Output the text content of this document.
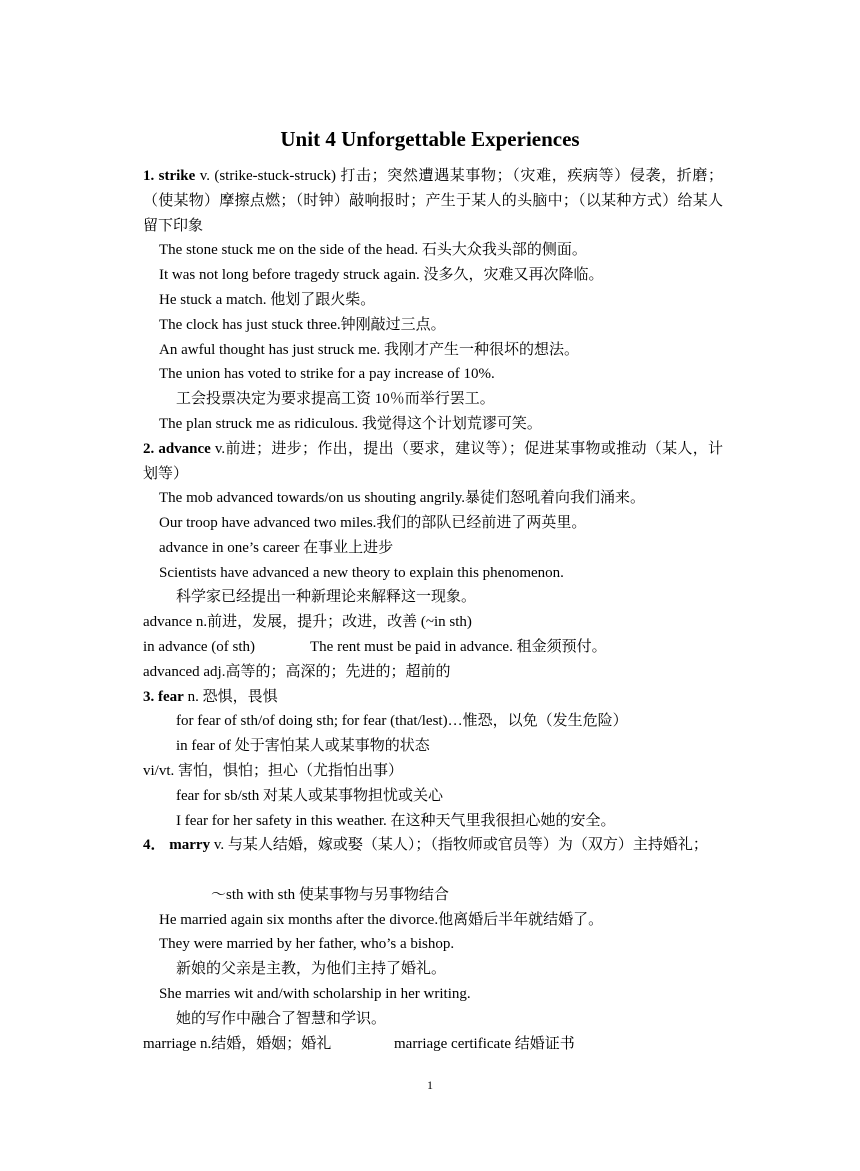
Unit 4 Unforgettable Experiences
1. strike v. (strike-stuck-struck) 打击；突然遭遇某事物；（灾难，疾病等）侵袭，折磨；（使某物）摩擦点燃；（时钟）敲响报时；产生于某人的头脑中；（以某种方式）给某人留下印象
The stone stuck me on the side of the head. 石头大众我头部的侧面。
It was not long before tragedy struck again. 没多久，灾难又再次降临。
He stuck a match. 他划了跟火柴。
The clock has just stuck three.钟刚敲过三点。
An awful thought has just struck me. 我刚才产生一种很坏的想法。
The union has voted to strike for a pay increase of 10%.
工会投票决定为要求提高工资 10％而举行罢工。
The plan struck me as ridiculous. 我觉得这个计划荒谬可笑。
2. advance v.前进；进步；作出，提出（要求，建议等）；促进某事物或推动（某人，计划等）
The mob advanced towards/on us shouting angrily.暴徒们怒吼着向我们涌来。
Our troop have advanced two miles.我们的部队已经前进了两英里。
advance in one’s career 在事业上进步
Scientists have advanced a new theory to explain this phenomenon.
科学家已经提出一种新理论来解释这一现象。
advance n.前进，发展，提升；改进，改善 (~in sth)
in advance (of sth)	The rent must be paid in advance. 租金须预付。
advanced adj.高等的；高深的；先进的；超前的
3. fear n. 恐惧，畏惧
for fear of sth/of doing sth; for fear (that/lest)…惟恐，以免（发生危险）
in fear of 处于害怕某人或某事物的状态
vi/vt. 害怕，惧怕；担心（尤指怕出事）
fear for sb/sth 对某人或某事物担忧或关心
I fear for her safety in this weather. 在这种天气里我很担心她的安全。
4． marry v. 与某人结婚，嫁或娶（某人）；（指牧师或官员等）为（双方）主持婚礼；
～sth with sth 使某事物与另事物结合
He married again six months after the divorce.他离婚后半年就结婚了。
They were married by her father, who’s a bishop.
新娘的父亲是主教，为他们主持了婚礼。
She marries wit and/with scholarship in her writing.
她的写作中融合了智慧和学识。
marriage n.结婚，婚姻；婚礼	marriage certificate 结婚证书
1
